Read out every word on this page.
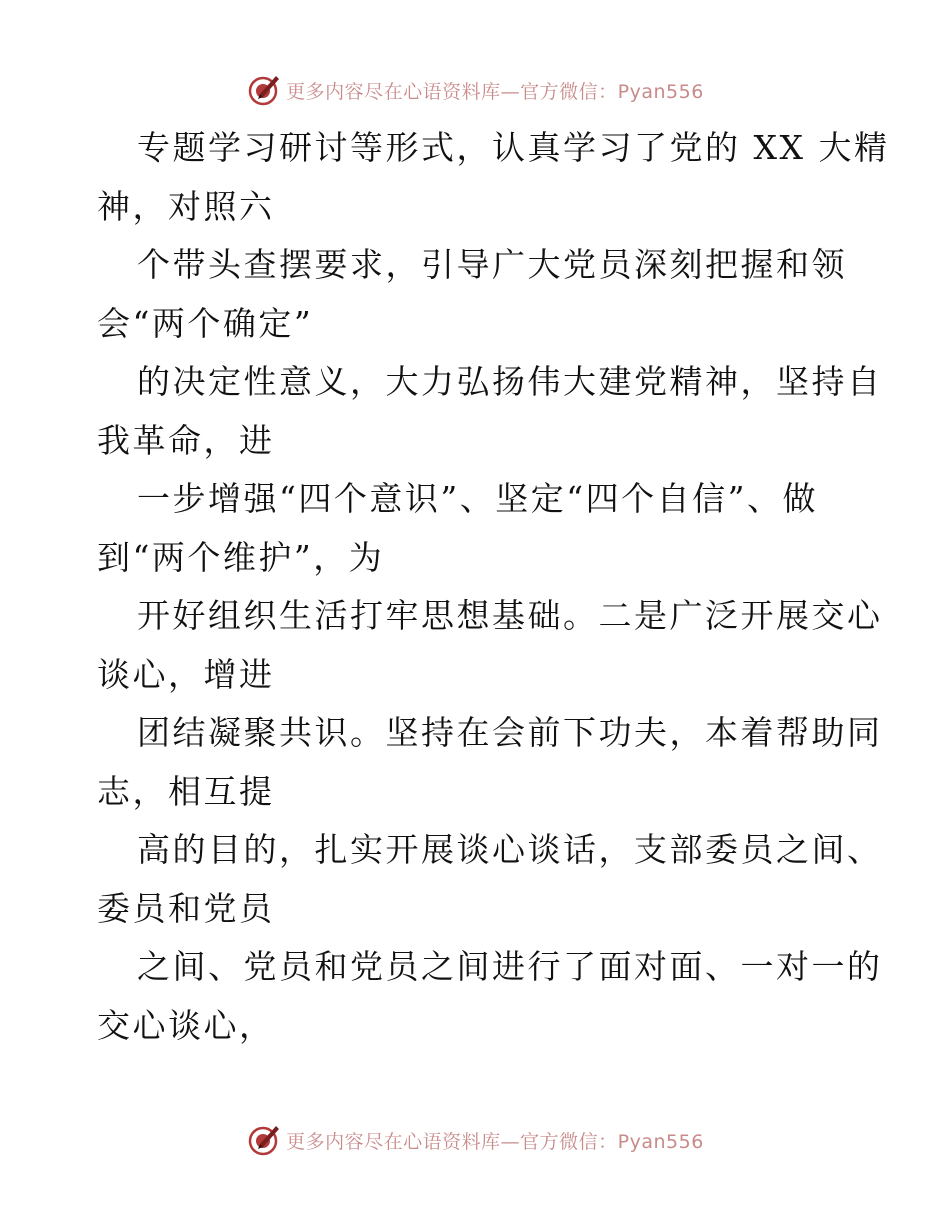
更多内容尽在心语资料库—官方微信：Pyan556
专题学习研讨等形式，认真学习了党的 XX 大精
神，对照六
个带头查摆要求，引导广大党员深刻把握和领
会“两个确定”
的决定性意义，大力弘扬伟大建党精神，坚持自
我革命，进
一步增强“四个意识”、坚定“四个自信”、做
到“两个维护”，为
开好组织生活打牢思想基础。二是广泛开展交心
谈心，增进
团结凝聚共识。坚持在会前下功夫，本着帮助同
志，相互提
高的目的，扎实开展谈心谈话，支部委员之间、
委员和党员
之间、党员和党员之间进行了面对面、一对一的
交心谈心，
更多内容尽在心语资料库—官方微信：Pyan556
